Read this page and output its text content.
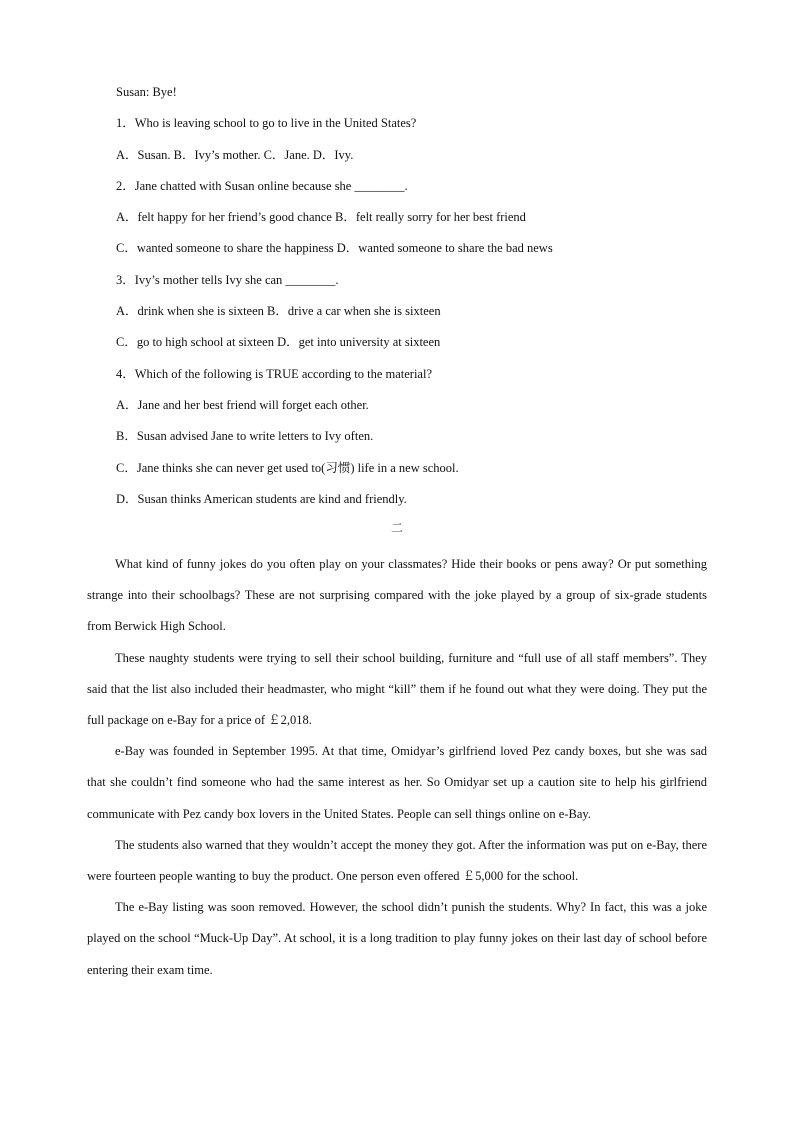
Susan: Bye!
1．Who is leaving school to go to live in the United States?
A．Susan. B．Ivy’s mother. C．Jane. D．Ivy.
2．Jane chatted with Susan online because she ________.
A．felt happy for her friend’s good chance B．felt really sorry for her best friend
C．wanted someone to share the happiness D．wanted someone to share the bad news
3．Ivy’s mother tells Ivy she can ________.
A．drink when she is sixteen B．drive a car when she is sixteen
C．go to high school at sixteen D．get into university at sixteen
4．Which of the following is TRUE according to the material?
A．Jane and her best friend will forget each other.
B．Susan advised Jane to write letters to Ivy often.
C．Jane thinks she can never get used to(习惯) life in a new school.
D．Susan thinks American students are kind and friendly.
二

What kind of funny jokes do you often play on your classmates? Hide their books or pens away? Or put something strange into their schoolbags? These are not surprising compared with the joke played by a group of six-grade students from Berwick High School.

These naughty students were trying to sell their school building, furniture and “full use of all staff members”. They said that the list also included their headmaster, who might “kill” them if he found out what they were doing. They put the full package on e-Bay for a price of ￡2,018.

e-Bay was founded in September 1995. At that time, Omidyar’s girlfriend loved Pez candy boxes, but she was sad that she couldn’t find someone who had the same interest as her. So Omidyar set up a caution site to help his girlfriend communicate with Pez candy box lovers in the United States. People can sell things online on e-Bay.

The students also warned that they wouldn’t accept the money they got. After the information was put on e-Bay, there were fourteen people wanting to buy the product. One person even offered ￡5,000 for the school.

The e-Bay listing was soon removed. However, the school didn’t punish the students. Why? In fact, this was a joke played on the school “Muck-Up Day”. At school, it is a long tradition to play funny jokes on their last day of school before entering their exam time.
